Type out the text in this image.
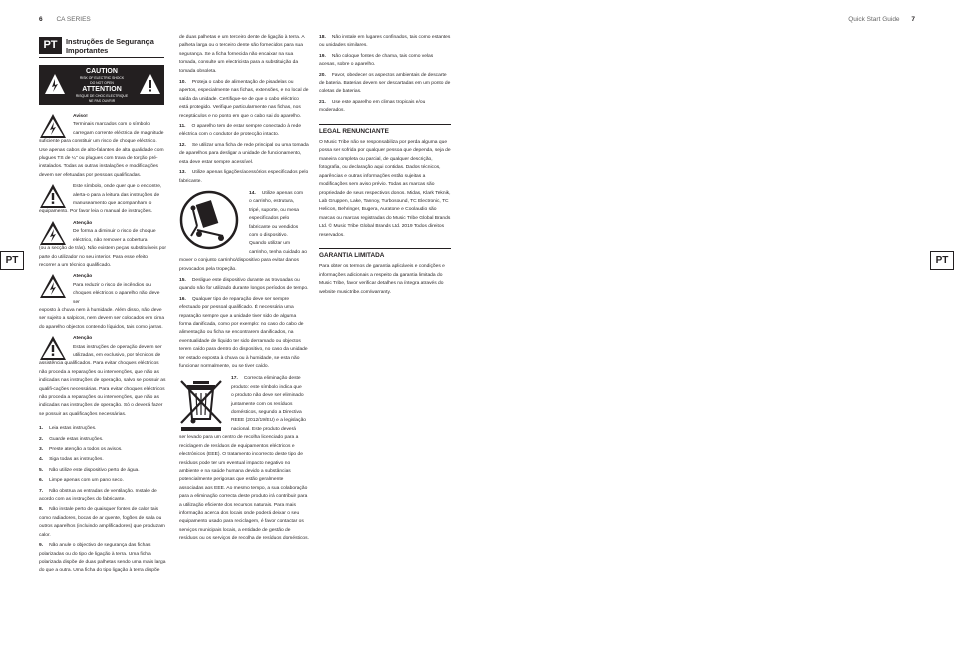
6 CA SERIES	Quick Start Guide 7
PT	PT
PT	Instruções de Segurança
Importantes
CAUTION
RISK OF ELECTRIC SHOCK
DO NOT OPEN
ATTENTION
RISQUE DE CHOC ELECTRIQUE
NE PAS OUVRIR
Aviso!
Terminais marcados com o símbolo
carregam corrente eléctrica de magnitude
suficiente para constituir um risco de choque eléctrico. Use apenas cabos de alto-falantes de alta qualidade com plugues TS de ¼" ou plugues com trava de torção pré-instalados. Todas as outras instalações e modificações devem ser efetuadas por pessoas qualificadas.
Este símbolo, onde quer que o encontre,
alerta-o para a leitura das instruções de
manuseamento que acompanham o
equipamento. Por favor leia o manual de instruções.
Atenção
De forma a diminuir o risco de choque
eléctrico, não remover a cobertura
(ou a secção de trás). Não existem peças substituíveis por parte do utilizador no seu interior. Para esse efeito recorrer a um técnico qualificado.
Atenção
Para reduzir o risco de incêndios ou
choques eléctricos o aparelho não deve ser
exposto à chuva nem à humidade. Além disso, não deve ser sujeito a salpicos, nem devem ser colocados em cima do aparelho objectos contendo líquidos, tais como jarras.
Atenção
Estas instruções de operação devem ser
utilizadas, em exclusivo, por técnicos de
assistência qualificados. Para evitar choques eléctricos não proceda a reparações ou intervenções, que não as indicadas nas instruções de operação, salvo se possuir as qualifi-cações necessárias. Para evitar choques eléctricos não proceda a reparações ou intervenções, que não as indicadas nas instruções de operação. Só o deverá fazer se possuir as qualificações necessárias.

1. Leia estas instruções.

2. Guarde estas instruções.

3. Preste atenção a todos os avisos.

4. Siga todas as instruções.

5. Não utilize este dispositivo perto de água.

6. Limpe apenas com um pano seco.

7. Não obstrua as entradas de ventilação. Instale de acordo com as instruções do fabricante.

8. Não instale perto de quaisquer fontes de calor tais como radiadores, bocas de ar quente, fogões de sala ou outros aparelhos (incluindo amplificadores) que produzam calor.

9. Não anule o objectivo de segurança das fichas polarizadas ou do tipo de ligação à terra. Uma ficha polarizada dispõe de duas palhetas sendo uma mais larga do que a outra. Uma ficha do tipo ligação à terra dispõe

de duas palhetas e um terceiro dente de ligação à terra. A palheta larga ou o terceiro dente são fornecidos para sua segurança. Se a ficha fornecida não encaixar na sua tomada, consulte um electricista para a substituição da tomada obsoleta.

10. Proteja o cabo de alimentação de pisadelas ou apertos, especialmente nas fichas, extensões, e no local de saída da unidade. Certifique-se de que o cabo eléctrico está protegido. Verifique particularmente nas fichas, nos receptáculos e no ponto em que o cabo sai do aparelho.

11. O aparelho tem de estar sempre conectado à rede eléctrica com o condutor de protecção intacto.

12. Se utilizar uma ficha de rede principal ou uma tomada de aparelhos para desligar a unidade de funcionamento, esta deve estar sempre acessível.

13. Utilize apenas ligações/acessórios especificados pelo fabricante.

14. Utilize apenas com
o carrinho, estrutura,
tripé, suporte, ou mesa
especificados pelo
fabricante ou vendidos
com o dispositivo.
Quando utilizar um
carrinho, tenha cuidado ao

mover o conjunto carrinho/dispositivo para evitar danos provocados pela tropeção.

15. Desligue este dispositivo durante as trovoadas ou quando não for utilizado durante longos períodos de tempo.

16. Qualquer tipo de reparação deve ser sempre efectuado por pessoal qualificado. É necessária uma reparação sempre que a unidade tiver sido de alguma forma danificada, como por exemplo: no caso do cabo de alimentação ou ficha se encontrarem danificados, na eventualidade de líquido ter sido derramado ou objectos terem caído para dentro do dispositivo, no caso da unidade ter estado exposta à chuva ou à humidade, se esta não funcionar normalmente, ou se tiver caído.

17. Correcta eliminação deste
produto: este símbolo indica que
o produto não deve ser eliminado
juntamente com os resíduos
domésticos, segundo a Directiva
REEE (2012/19/EU) e a legislação
nacional. Este produto deverá

ser levado para um centro de recolha licenciado para a reciclagem de resíduos de equipamentos eléctricos e electrónicos (EEE). O tratamento incorrecto deste tipo de resíduos pode ter um eventual impacto negativo no ambiente e na saúde humana devido a substâncias potencialmente perigosas que estão geralmente associadas aos EEE. Ao mesmo tempo, a sua colaboração para a eliminação correcta deste produto irá contribuir para a utilização eficiente dos recursos naturais. Para mais informação acerca dos locais onde poderá deixar o seu equipamento usado para reciclagem, é favor contactar os serviços municipais locais, a entidade de gestão de resíduos ou os serviços de recolha de resíduos domésticos.

18. Não instale em lugares confinados, tais como estantes ou unidades similares.

19. Não coloque fontes de chama, tais como velas acesas, sobre o aparelho.

20. Favor, obedecer os aspectos ambientais de descarte de bateria. Baterias devem ser descartadas em um ponto de coletas de baterias.

21. Use este aparelho em climas tropicais e/ou moderados.

LEGAL RENUNCIANTE

O Music Tribe não se responsabiliza por perda alguma que possa ser sofrida por qualquer pessoa que dependa, seja de maneira completa ou parcial, de qualquer descrição, fotografia, ou declaração aqui contidas. Dados técnicos, aparências e outras informações estão sujeitas a modificações sem aviso prévio. Todas as marcas são propriedade de seus respectivos donos. Midas, Klark Teknik, Lab Gruppen, Lake, Tannoy, Turbosound, TC Electronic, TC Helicon, Behringer, Bugera, Auratone e Coolaudio são marcas ou marcas registradas do Music Tribe Global Brands Ltd. © Music Tribe Global Brands Ltd. 2019 Todos direitos reservados.

GARANTIA LIMITADA

Para obter os termos de garantia aplicáveis e condições e informações adicionais a respeito da garantia limitada do Music Tribe, favor verificar detalhes na íntegra através do website musictribe.com/warranty.
